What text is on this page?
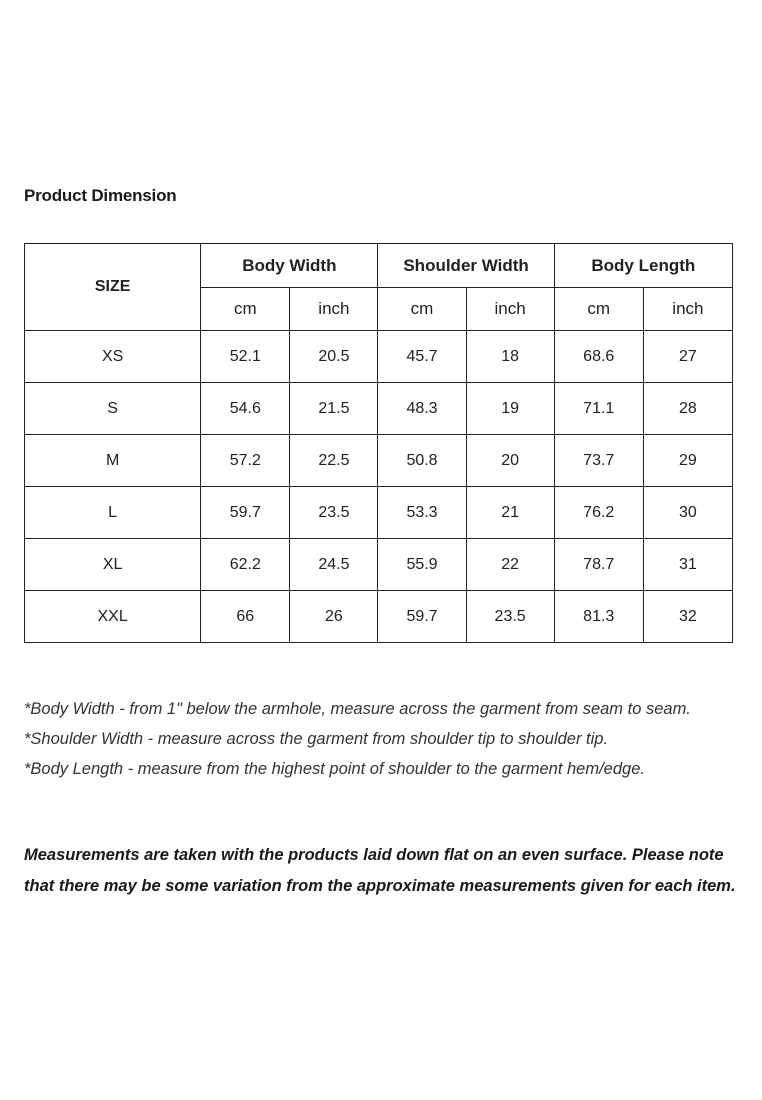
Product Dimension
SIZE	Body Width		Shoulder Width		Body Length	
	cm	inch	cm	inch	cm	inch
XS	52.1	20.5	45.7	18	68.6	27
S	54.6	21.5	48.3	19	71.1	28
M	57.2	22.5	50.8	20	73.7	29
L	59.7	23.5	53.3	21	76.2	30
XL	62.2	24.5	55.9	22	78.7	31
XXL	66	26	59.7	23.5	81.3	32

*Body Width - from 1" below the armhole, measure across the garment from seam to seam.

*Shoulder Width - measure across the garment from shoulder tip to shoulder tip.

*Body Length - measure from the highest point of shoulder to the garment hem/edge.

Measurements are taken with the products laid down flat on an even surface. Please note that there may be some variation from the approximate measurements given for each item.
